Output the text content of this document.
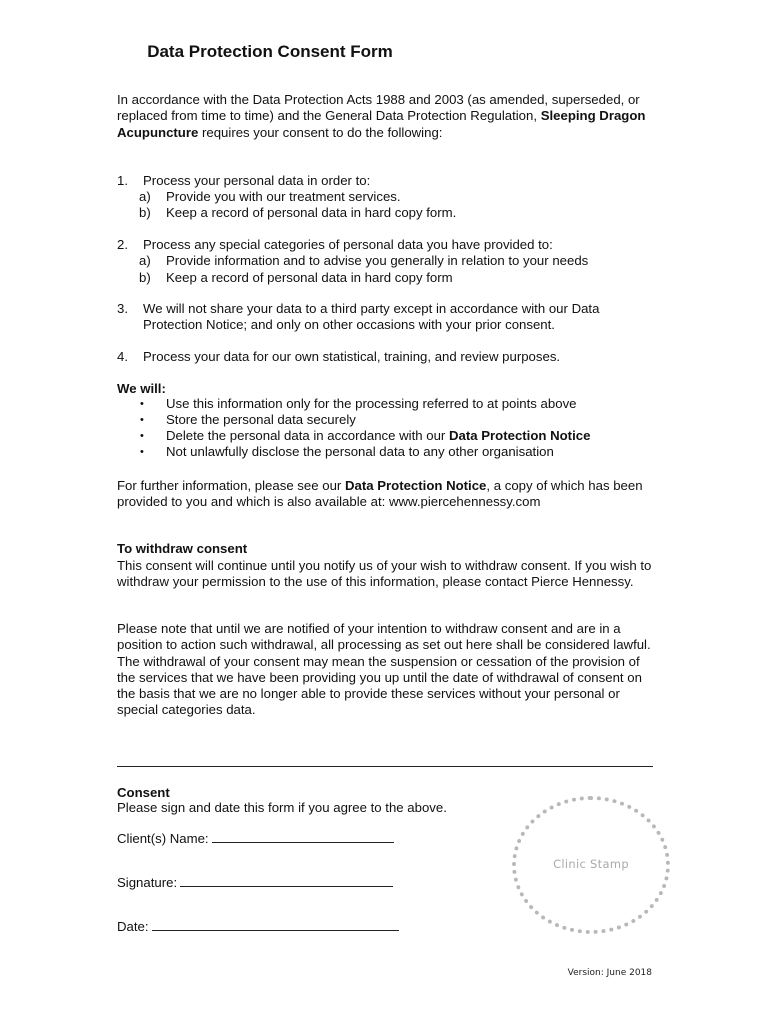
Data Protection Consent Form

In accordance with the Data Protection Acts 1988 and 2003 (as amended, superseded, or replaced from time to time) and the General Data Protection Regulation, Sleeping Dragon Acupuncture requires your consent to do the following:

1. Process your personal data in order to:
a) Provide you with our treatment services.
b) Keep a record of personal data in hard copy form.
2. Process any special categories of personal data you have provided to:
a) Provide information and to advise you generally in relation to your needs
b) Keep a record of personal data in hard copy form
3. We will not share your data to a third party except in accordance with our Data Protection Notice; and only on other occasions with your prior consent.
4. Process your data for our own statistical, training, and review purposes.
We will:
• Use this information only for the processing referred to at points above
• Store the personal data securely
• Delete the personal data in accordance with our Data Protection Notice
• Not unlawfully disclose the personal data to any other organisation

For further information, please see our Data Protection Notice, a copy of which has been provided to you and which is also available at: www.piercehennessy.com

To withdraw consent

This consent will continue until you notify us of your wish to withdraw consent. If you wish to withdraw your permission to the use of this information, please contact Pierce Hennessy.

Please note that until we are notified of your intention to withdraw consent and are in a position to action such withdrawal, all processing as set out here shall be considered lawful. The withdrawal of your consent may mean the suspension or cessation of the provision of the services that we have been providing you up until the date of withdrawal of consent on the basis that we are no longer able to provide these services without your personal or special categories data.

Consent
Please sign and date this form if you agree to the above.
Client(s) Name:
Signature:
Date:
Clinic Stamp
Version: June 2018
